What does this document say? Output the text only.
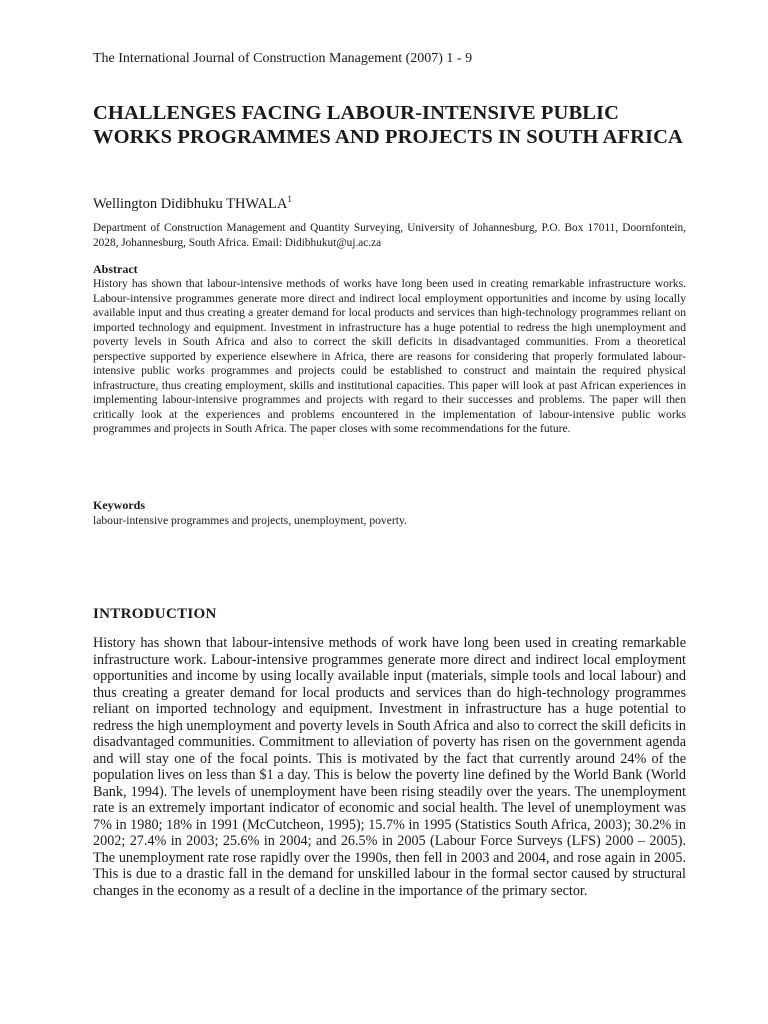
The International Journal of Construction Management (2007) 1 - 9
CHALLENGES FACING LABOUR-INTENSIVE PUBLIC WORKS PROGRAMMES AND PROJECTS IN SOUTH AFRICA
Wellington Didibhuku THWALA$^1$
Department of Construction Management and Quantity Surveying, University of Johannesburg, P.O. Box 17011, Doornfontein, 2028, Johannesburg, South Africa. Email: Didibhukut@uj.ac.za
Abstract

History has shown that labour-intensive methods of works have long been used in creating remarkable infrastructure works. Labour-intensive programmes generate more direct and indirect local employment opportunities and income by using locally available input and thus creating a greater demand for local products and services than high-technology programmes reliant on imported technology and equipment. Investment in infrastructure has a huge potential to redress the high unemployment and poverty levels in South Africa and also to correct the skill deficits in disadvantaged communities. From a theoretical perspective supported by experience elsewhere in Africa, there are reasons for considering that properly formulated labour-intensive public works programmes and projects could be established to construct and maintain the required physical infrastructure, thus creating employment, skills and institutional capacities. This paper will look at past African experiences in implementing labour-intensive programmes and projects with regard to their successes and problems. The paper will then critically look at the experiences and problems encountered in the implementation of labour-intensive public works programmes and projects in South Africa. The paper closes with some recommendations for the future.

Keywords
labour-intensive programmes and projects, unemployment, poverty.
INTRODUCTION

History has shown that labour-intensive methods of work have long been used in creating remarkable infrastructure work. Labour-intensive programmes generate more direct and indirect local employment opportunities and income by using locally available input (materials, simple tools and local labour) and thus creating a greater demand for local products and services than do high-technology programmes reliant on imported technology and equipment. Investment in infrastructure has a huge potential to redress the high unemployment and poverty levels in South Africa and also to correct the skill deficits in disadvantaged communities. Commitment to alleviation of poverty has risen on the government agenda and will stay one of the focal points. This is motivated by the fact that currently around 24% of the population lives on less than $1 a day. This is below the poverty line defined by the World Bank (World Bank, 1994). The levels of unemployment have been rising steadily over the years. The unemployment rate is an extremely important indicator of economic and social health. The level of unemployment was 7% in 1980; 18% in 1991 (McCutcheon, 1995); 15.7% in 1995 (Statistics South Africa, 2003); 30.2% in 2002; 27.4% in 2003; 25.6% in 2004; and 26.5% in 2005 (Labour Force Surveys (LFS) 2000 – 2005). The unemployment rate rose rapidly over the 1990s, then fell in 2003 and 2004, and rose again in 2005. This is due to a drastic fall in the demand for unskilled labour in the formal sector caused by structural changes in the economy as a result of a decline in the importance of the primary sector.
